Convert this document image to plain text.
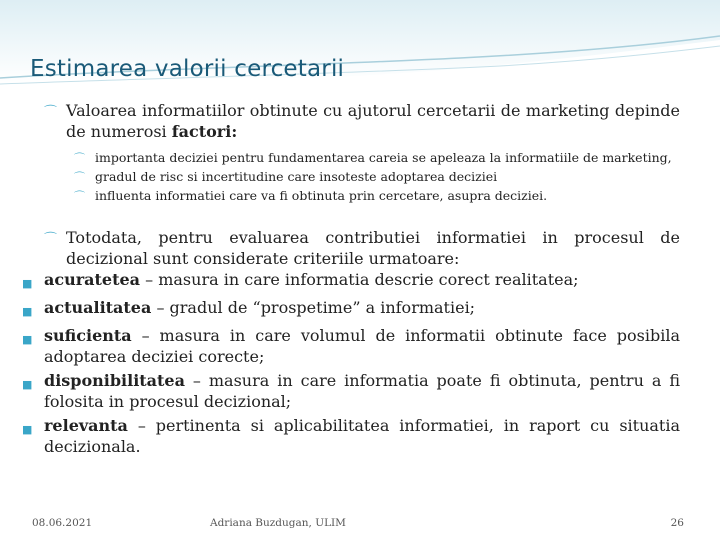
Estimarea valorii cercetarii
⌒ Valoarea informatiilor obtinute cu ajutorul cercetarii de marketing depinde de numerosi factori:
⌒ importanta deciziei pentru fundamentarea careia se apeleaza la informatiile de marketing,
⌒ gradul de risc si incertitudine care insoteste adoptarea deciziei
⌒ influenta informatiei care va fi obtinuta prin cercetare, asupra deciziei.
⌒ Totodata, pentru evaluarea contributiei informatiei in procesul de decizional sunt considerate criteriile urmatoare:
■ acuratetea – masura in care informatia descrie corect realitatea;
■ actualitatea – gradul de “prospetime” a informatiei;
■ suficienta – masura in care volumul de informatii obtinute face posibila adoptarea deciziei corecte;
■ disponibilitatea – masura in care informatia poate fi obtinuta, pentru a fi folosita in procesul decizional;
■ relevanta – pertinenta si aplicabilitatea informatiei, in raport cu situatia decizionala.
08.06.2021	Adriana Buzdugan, ULIM	26
